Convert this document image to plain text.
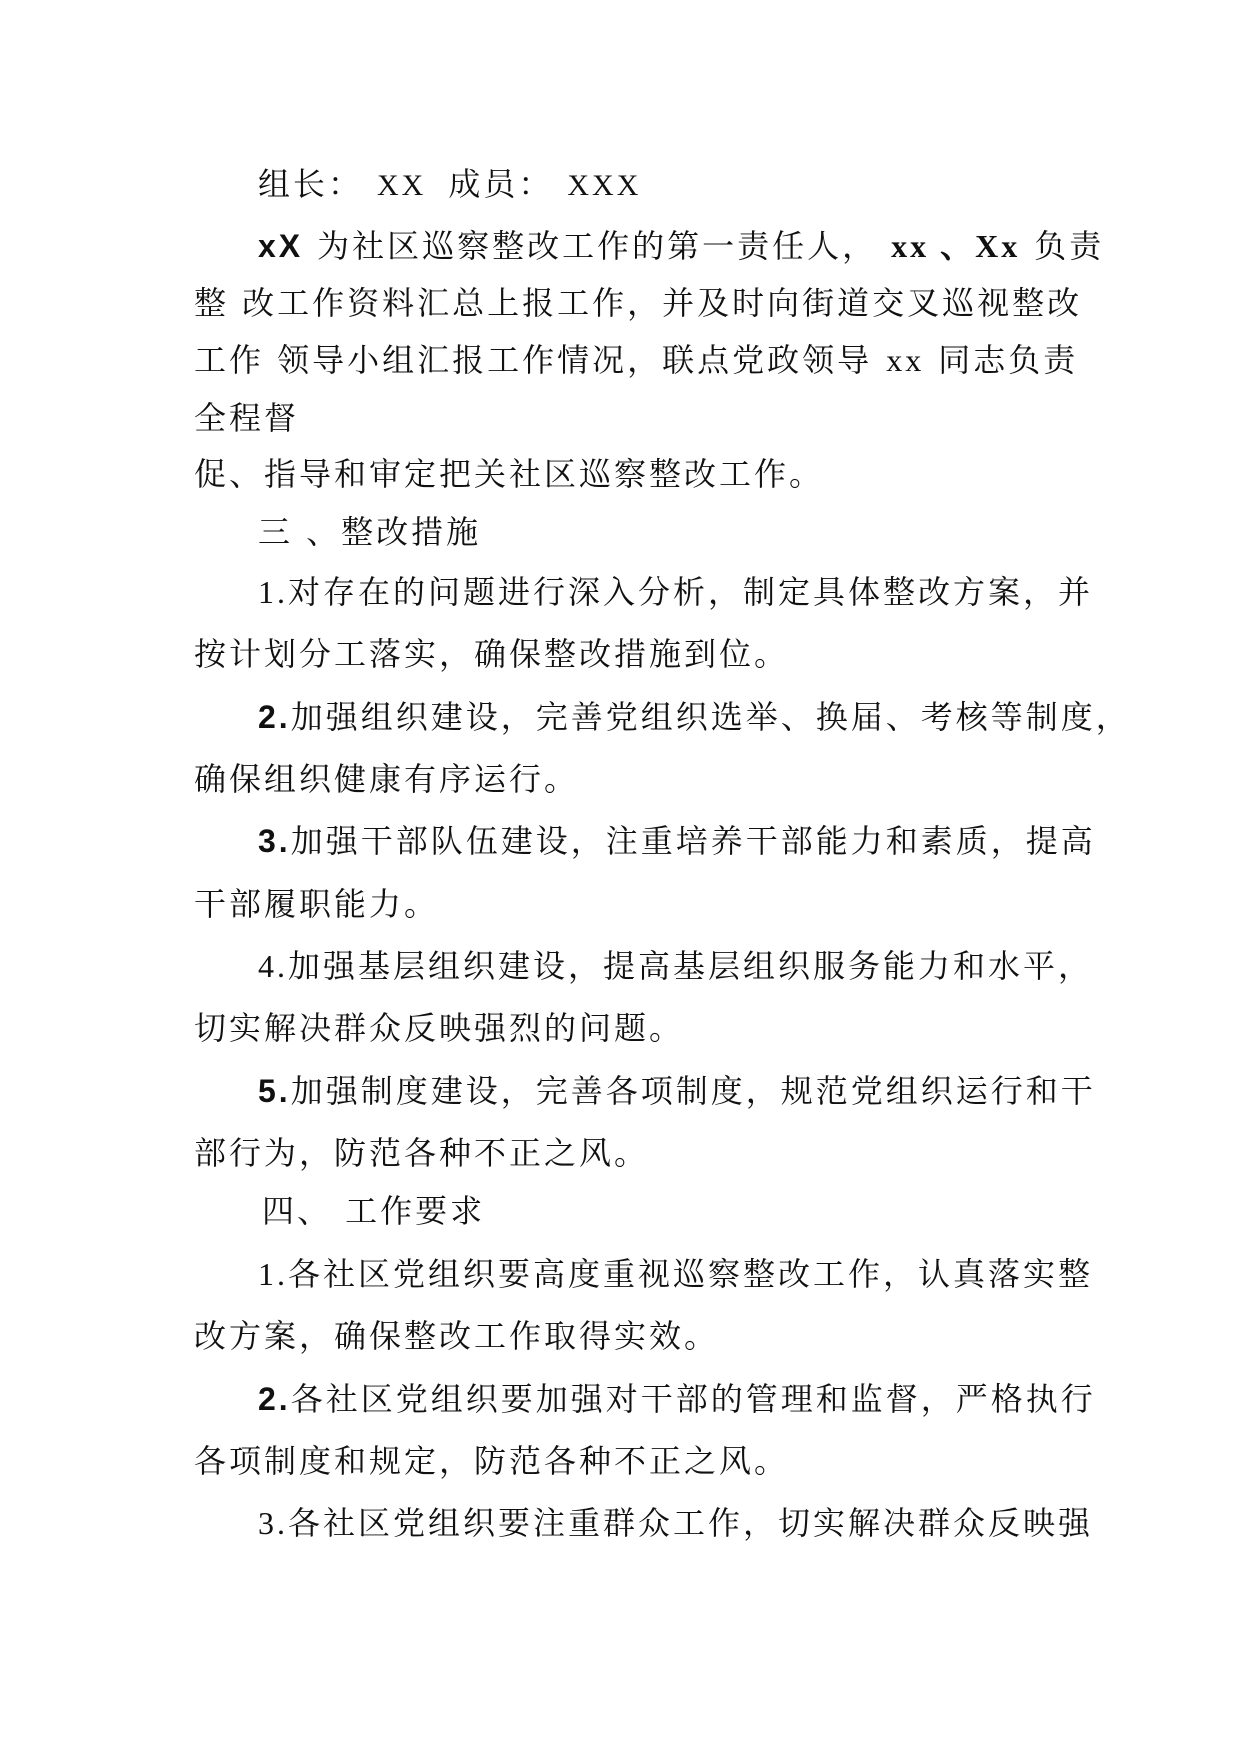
组长： XX 成员： XXX
xX 为社区巡察整改工作的第一责任人， xx 、Xx 负责
整 改工作资料汇总上报工作，并及时向街道交叉巡视整改
工作 领导小组汇报工作情况，联点党政领导 xx 同志负责
全程督
促、指导和审定把关社区巡察整改工作。
三 、整改措施
1.对存在的问题进行深入分析，制定具体整改方案，并
按计划分工落实，确保整改措施到位。
2.加强组织建设，完善党组织选举、换届、考核等制度，
确保组织健康有序运行。
3.加强干部队伍建设，注重培养干部能力和素质，提高
干部履职能力。
4.加强基层组织建设，提高基层组织服务能力和水平，
切实解决群众反映强烈的问题。
5.加强制度建设，完善各项制度，规范党组织运行和干
部行为，防范各种不正之风。
四、 工作要求
1.各社区党组织要高度重视巡察整改工作，认真落实整
改方案，确保整改工作取得实效。
2.各社区党组织要加强对干部的管理和监督，严格执行
各项制度和规定，防范各种不正之风。
3.各社区党组织要注重群众工作，切实解决群众反映强
